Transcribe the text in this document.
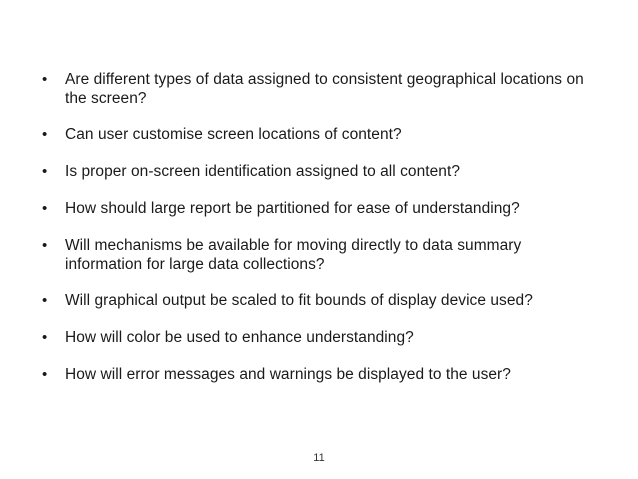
• Are different types of data assigned to consistent geographical locations on the screen?
• Can user customise screen locations of content?
• Is proper on-screen identification assigned to all content?
• How should large report be partitioned for ease of understanding?
• Will mechanisms be available for moving directly to data summary information for large data collections?
• Will graphical output be scaled to fit bounds of display device used?
• How will color be used to enhance understanding?
• How will error messages and warnings be displayed to the user?
11
